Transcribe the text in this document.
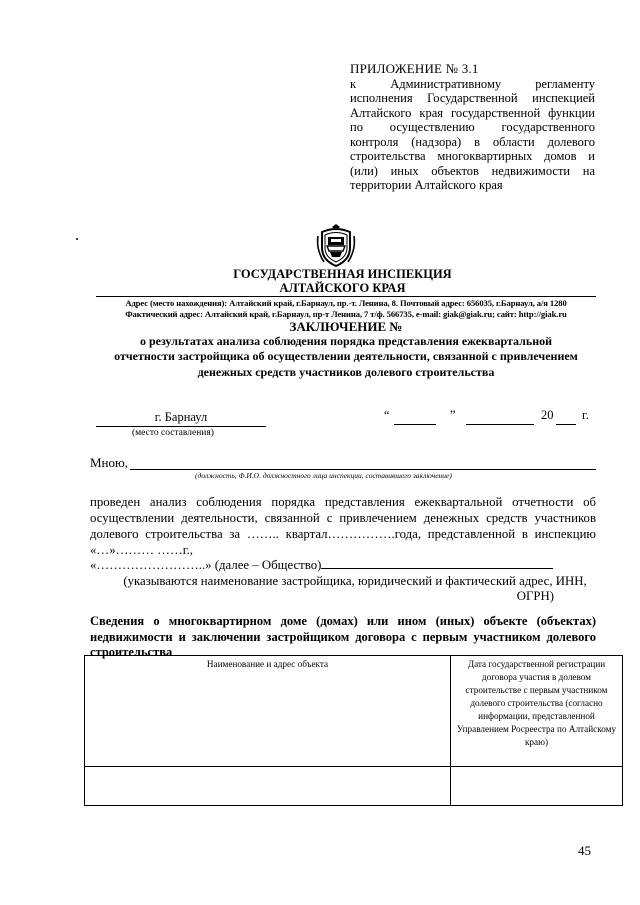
ПРИЛОЖЕНИЕ № 3.1
к Административному регламенту исполнения Государственной инспекцией Алтайского края государственной функции по осуществлению государственного контроля (надзора) в области долевого строительства многоквартирных домов и (или) иных объектов недвижимости на территории Алтайского края
ГОСУДАРСТВЕННАЯ ИНСПЕКЦИЯ
АЛТАЙСКОГО КРАЯ
Адрес (место нахождения): Алтайский край, г.Барнаул, пр.-т. Ленина, 8. Почтовый адрес: 656035, г.Барнаул, а/я 1280
Фактический адрес: Алтайский край, г.Барнаул, пр-т Ленина, 7 т/ф. 566735, e-mail: giak@giak.ru; сайт: http://giak.ru
ЗАКЛЮЧЕНИЕ №
о результатах анализа соблюдения порядка представления ежеквартальной
отчетности застройщика об осуществлении деятельности, связанной с привлечением
денежных средств участников долевого строительства
г. Барнаул
(место составления)
“	”	20 г.
Мною,
(должность, Ф.И.О. должностного лица инспекции, составившего заключение)
проведен анализ соблюдения порядка представления ежеквартальной отчетности об
осуществлении деятельности, связанной с привлечением денежных средств участников
долевого строительства за …….. квартал…………….года, представленной в инспекцию
«…»……… ……г.,
«……………………..» (далее – Общество)
(указываются наименование застройщика, юридический и фактический адрес, ИНН,
ОГРН)
Сведения о многоквартирном доме (домах) или ином (иных) объекте (объектах)
недвижимости и заключении застройщиком договора с первым участником долевого
строительства
Наименование и адрес объекта	Дата государственной регистрации договора участия в долевом строительстве с первым участником долевого строительства (согласно информации, представленной Управлением Росреестра по Алтайскому краю)

45
